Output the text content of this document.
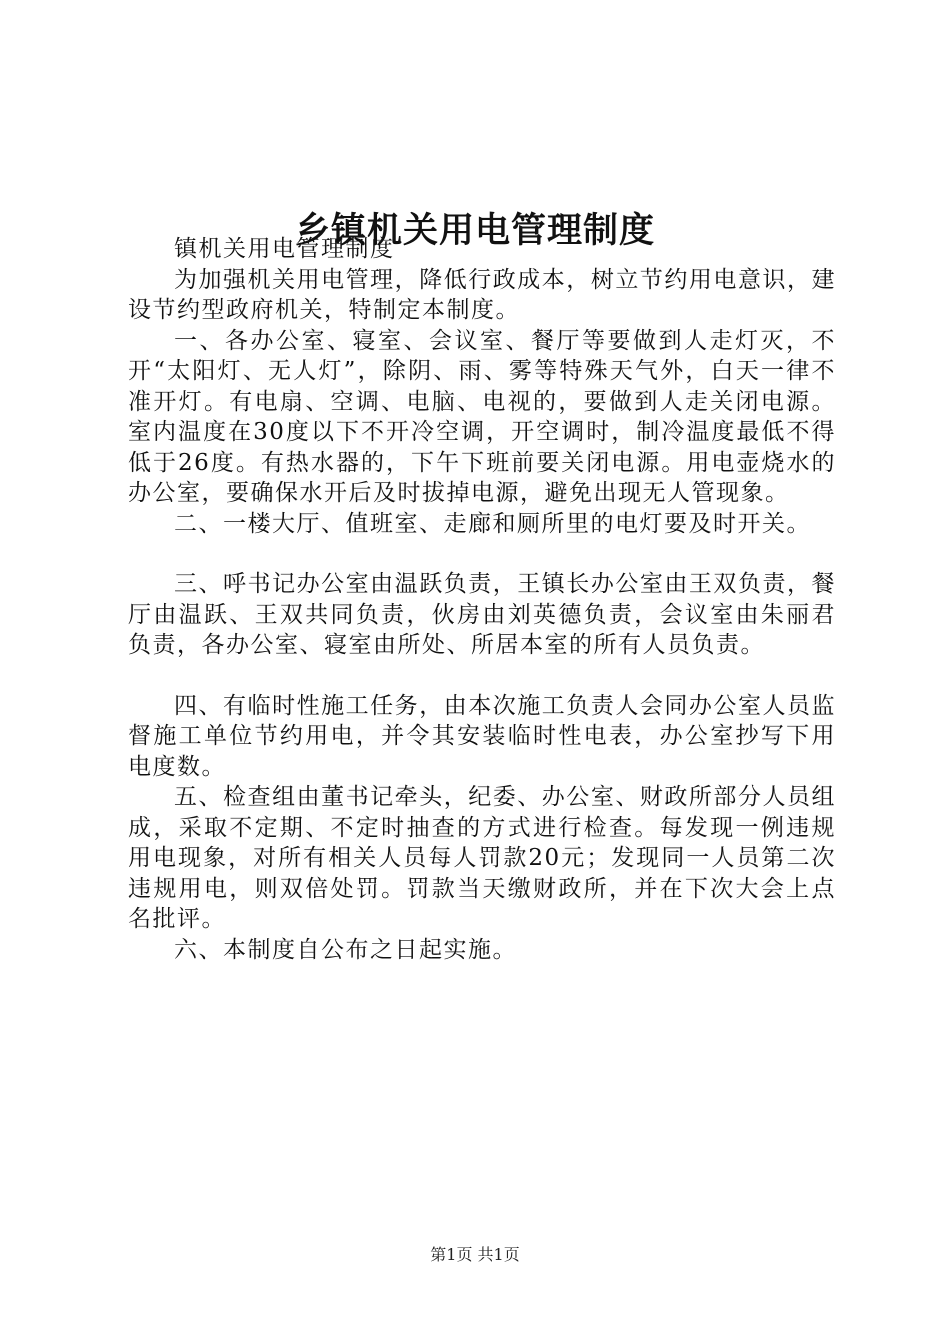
乡镇机关用电管理制度

镇机关用电管理制度

为加强机关用电管理，降低行政成本，树立节约用电意识，建设节约型政府机关，特制定本制度。

一、各办公室、寝室、会议室、餐厅等要做到人走灯灭，不开“太阳灯、无人灯”，除阴、雨、雾等特殊天气外，白天一律不准开灯。有电扇、空调、电脑、电视的，要做到人走关闭电源。室内温度在30度以下不开冷空调，开空调时，制冷温度最低不得低于26度。有热水器的，下午下班前要关闭电源。用电壶烧水的办公室，要确保水开后及时拔掉电源，避免出现无人管现象。

二、一楼大厅、值班室、走廊和厕所里的电灯要及时开关。

三、呼书记办公室由温跃负责，王镇长办公室由王双负责，餐厅由温跃、王双共同负责，伙房由刘英德负责，会议室由朱丽君负责，各办公室、寝室由所处、所居本室的所有人员负责。

四、有临时性施工任务，由本次施工负责人会同办公室人员监督施工单位节约用电，并令其安装临时性电表，办公室抄写下用电度数。

五、检查组由董书记牵头，纪委、办公室、财政所部分人员组成，采取不定期、不定时抽查的方式进行检查。每发现一例违规用电现象，对所有相关人员每人罚款20元；发现同一人员第二次违规用电，则双倍处罚。罚款当天缴财政所，并在下次大会上点名批评。

六、本制度自公布之日起实施。

第1页 共1页
